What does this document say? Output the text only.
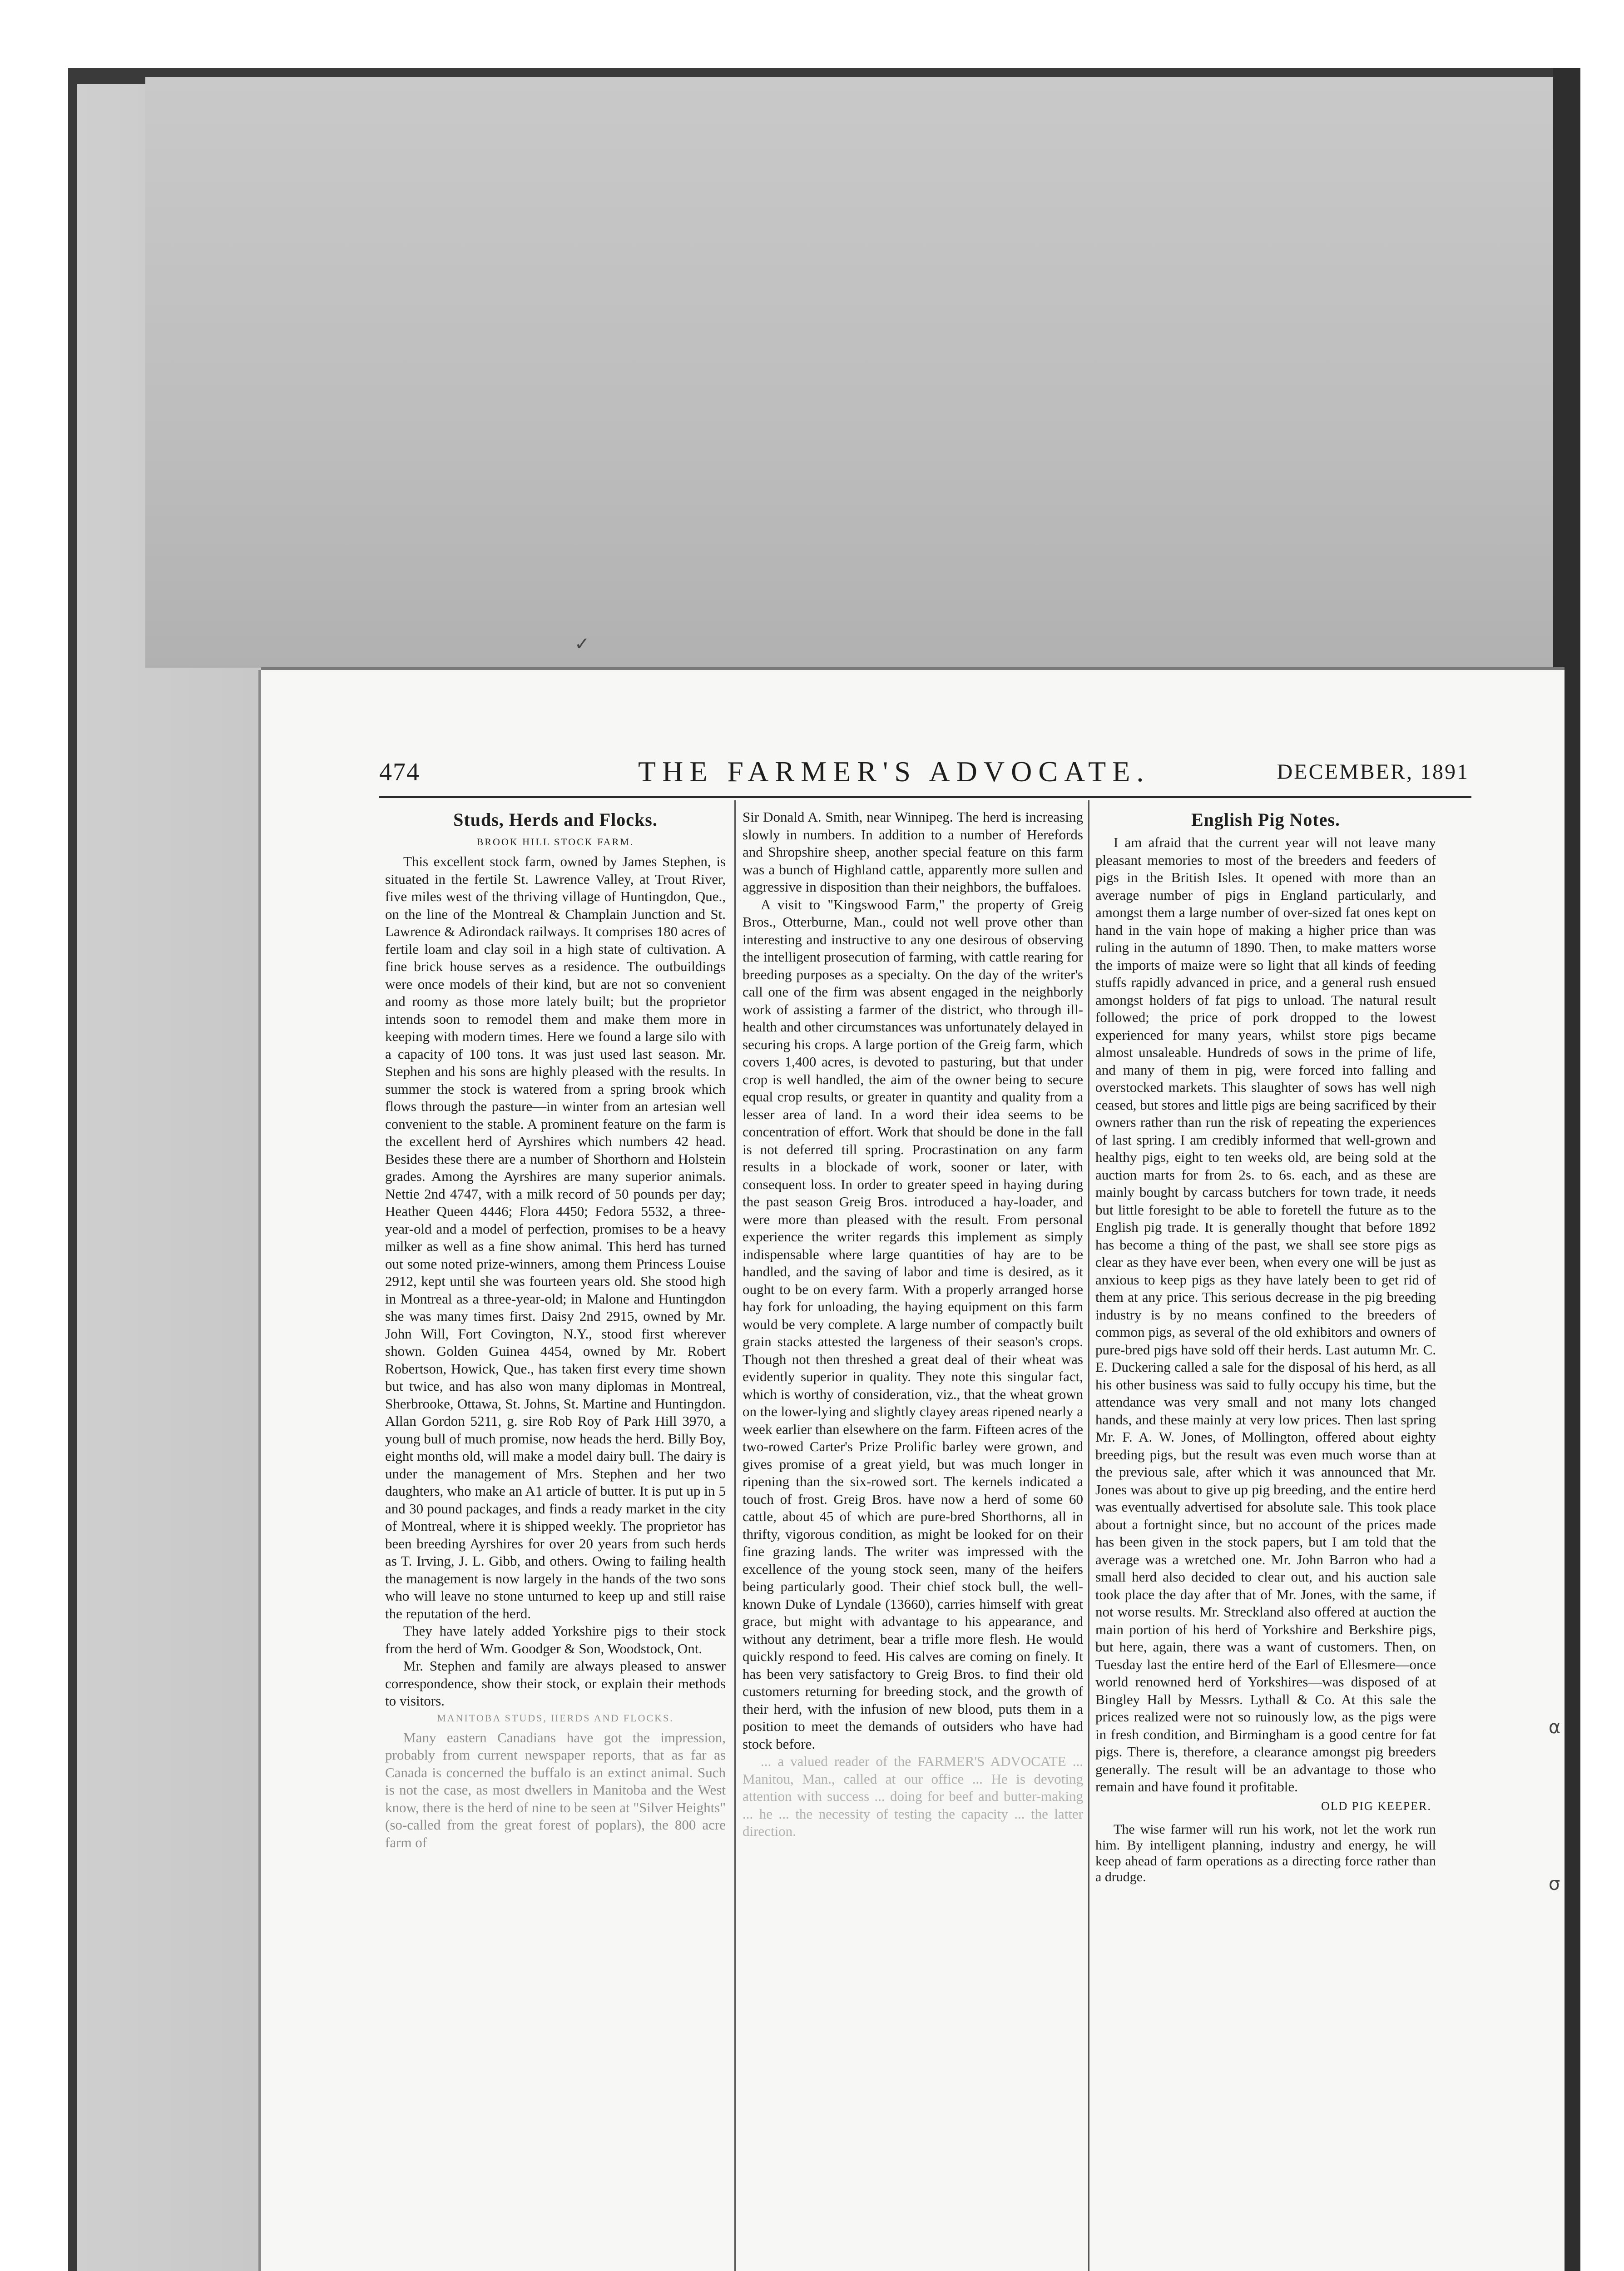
✓
α
σ
474	THE FARMER'S ADVOCATE.	DECEMBER, 1891
Studs, Herds and Flocks.
BROOK HILL STOCK FARM.

This excellent stock farm, owned by James Stephen, is situated in the fertile St. Lawrence Valley, at Trout River, five miles west of the thriving village of Huntingdon, Que., on the line of the Montreal & Champlain Junction and St. Lawrence & Adirondack railways. It comprises 180 acres of fertile loam and clay soil in a high state of cultivation. A fine brick house serves as a residence. The outbuildings were once models of their kind, but are not so convenient and roomy as those more lately built; but the proprietor intends soon to remodel them and make them more in keeping with modern times. Here we found a large silo with a capacity of 100 tons. It was just used last season. Mr. Stephen and his sons are highly pleased with the results. In summer the stock is watered from a spring brook which flows through the pasture—in winter from an artesian well convenient to the stable. A prominent feature on the farm is the excellent herd of Ayrshires which numbers 42 head. Besides these there are a number of Shorthorn and Holstein grades. Among the Ayrshires are many superior animals. Nettie 2nd 4747, with a milk record of 50 pounds per day; Heather Queen 4446; Flora 4450; Fedora 5532, a three-year-old and a model of perfection, promises to be a heavy milker as well as a fine show animal. This herd has turned out some noted prize-winners, among them Princess Louise 2912, kept until she was fourteen years old. She stood high in Montreal as a three-year-old; in Malone and Huntingdon she was many times first. Daisy 2nd 2915, owned by Mr. John Will, Fort Covington, N.Y., stood first wherever shown. Golden Guinea 4454, owned by Mr. Robert Robertson, Howick, Que., has taken first every time shown but twice, and has also won many diplomas in Montreal, Sherbrooke, Ottawa, St. Johns, St. Martine and Huntingdon. Allan Gordon 5211, g. sire Rob Roy of Park Hill 3970, a young bull of much promise, now heads the herd. Billy Boy, eight months old, will make a model dairy bull. The dairy is under the management of Mrs. Stephen and her two daughters, who make an A1 article of butter. It is put up in 5 and 30 pound packages, and finds a ready market in the city of Montreal, where it is shipped weekly. The proprietor has been breeding Ayrshires for over 20 years from such herds as T. Irving, J. L. Gibb, and others. Owing to failing health the management is now largely in the hands of the two sons who will leave no stone unturned to keep up and still raise the reputation of the herd.

They have lately added Yorkshire pigs to their stock from the herd of Wm. Goodger & Son, Woodstock, Ont.

Mr. Stephen and family are always pleased to answer correspondence, show their stock, or explain their methods to visitors.

MANITOBA STUDS, HERDS AND FLOCKS.

Many eastern Canadians have got the impression, probably from current newspaper reports, that as far as Canada is concerned the buffalo is an extinct animal. Such is not the case, as most dwellers in Manitoba and the West know, there is the herd of nine to be seen at "Silver Heights" (so-called from the great forest of poplars), the 800 acre farm of

Sir Donald A. Smith, near Winnipeg. The herd is increasing slowly in numbers. In addition to a number of Herefords and Shropshire sheep, another special feature on this farm was a bunch of Highland cattle, apparently more sullen and aggressive in disposition than their neighbors, the buffaloes.

A visit to "Kingswood Farm," the property of Greig Bros., Otterburne, Man., could not well prove other than interesting and instructive to any one desirous of observing the intelligent prosecution of farming, with cattle rearing for breeding purposes as a specialty. On the day of the writer's call one of the firm was absent engaged in the neighborly work of assisting a farmer of the district, who through ill-health and other circumstances was unfortunately delayed in securing his crops. A large portion of the Greig farm, which covers 1,400 acres, is devoted to pasturing, but that under crop is well handled, the aim of the owner being to secure equal crop results, or greater in quantity and quality from a lesser area of land. In a word their idea seems to be concentration of effort. Work that should be done in the fall is not deferred till spring. Procrastination on any farm results in a blockade of work, sooner or later, with consequent loss. In order to greater speed in haying during the past season Greig Bros. introduced a hay-loader, and were more than pleased with the result. From personal experience the writer regards this implement as simply indispensable where large quantities of hay are to be handled, and the saving of labor and time is desired, as it ought to be on every farm. With a properly arranged horse hay fork for unloading, the haying equipment on this farm would be very complete. A large number of compactly built grain stacks attested the largeness of their season's crops. Though not then threshed a great deal of their wheat was evidently superior in quality. They note this singular fact, which is worthy of consideration, viz., that the wheat grown on the lower-lying and slightly clayey areas ripened nearly a week earlier than elsewhere on the farm. Fifteen acres of the two-rowed Carter's Prize Prolific barley were grown, and gives promise of a great yield, but was much longer in ripening than the six-rowed sort. The kernels indicated a touch of frost. Greig Bros. have now a herd of some 60 cattle, about 45 of which are pure-bred Shorthorns, all in thrifty, vigorous condition, as might be looked for on their fine grazing lands. The writer was impressed with the excellence of the young stock seen, many of the heifers being particularly good. Their chief stock bull, the well-known Duke of Lyndale (13660), carries himself with great grace, but might with advantage to his appearance, and without any detriment, bear a trifle more flesh. He would quickly respond to feed. His calves are coming on finely. It has been very satisfactory to Greig Bros. to find their old customers returning for breeding stock, and the growth of their herd, with the infusion of new blood, puts them in a position to meet the demands of outsiders who have had stock before.

... a valued reader of the FARMER'S ADVOCATE ... Manitou, Man., called at our office ... He is devoting attention with success ... doing for beef and butter-making ... he ... the necessity of testing the capacity ... the latter direction.

English Pig Notes.

I am afraid that the current year will not leave many pleasant memories to most of the breeders and feeders of pigs in the British Isles. It opened with more than an average number of pigs in England particularly, and amongst them a large number of over-sized fat ones kept on hand in the vain hope of making a higher price than was ruling in the autumn of 1890. Then, to make matters worse the imports of maize were so light that all kinds of feeding stuffs rapidly advanced in price, and a general rush ensued amongst holders of fat pigs to unload. The natural result followed; the price of pork dropped to the lowest experienced for many years, whilst store pigs became almost unsaleable. Hundreds of sows in the prime of life, and many of them in pig, were forced into falling and overstocked markets. This slaughter of sows has well nigh ceased, but stores and little pigs are being sacrificed by their owners rather than run the risk of repeating the experiences of last spring. I am credibly informed that well-grown and healthy pigs, eight to ten weeks old, are being sold at the auction marts for from 2s. to 6s. each, and as these are mainly bought by carcass butchers for town trade, it needs but little foresight to be able to foretell the future as to the English pig trade. It is generally thought that before 1892 has become a thing of the past, we shall see store pigs as clear as they have ever been, when every one will be just as anxious to keep pigs as they have lately been to get rid of them at any price. This serious decrease in the pig breeding industry is by no means confined to the breeders of common pigs, as several of the old exhibitors and owners of pure-bred pigs have sold off their herds. Last autumn Mr. C. E. Duckering called a sale for the disposal of his herd, as all his other business was said to fully occupy his time, but the attendance was very small and not many lots changed hands, and these mainly at very low prices. Then last spring Mr. F. A. W. Jones, of Mollington, offered about eighty breeding pigs, but the result was even much worse than at the previous sale, after which it was announced that Mr. Jones was about to give up pig breeding, and the entire herd was eventually advertised for absolute sale. This took place about a fortnight since, but no account of the prices made has been given in the stock papers, but I am told that the average was a wretched one. Mr. John Barron who had a small herd also decided to clear out, and his auction sale took place the day after that of Mr. Jones, with the same, if not worse results. Mr. Streckland also offered at auction the main portion of his herd of Yorkshire and Berkshire pigs, but here, again, there was a want of customers. Then, on Tuesday last the entire herd of the Earl of Ellesmere—once world renowned herd of Yorkshires—was disposed of at Bingley Hall by Messrs. Lythall & Co. At this sale the prices realized were not so ruinously low, as the pigs were in fresh condition, and Birmingham is a good centre for fat pigs. There is, therefore, a clearance amongst pig breeders generally. The result will be an advantage to those who remain and have found it profitable.

OLD PIG KEEPER.

The wise farmer will run his work, not let the work run him. By intelligent planning, industry and energy, he will keep ahead of farm operations as a directing force rather than a drudge.
